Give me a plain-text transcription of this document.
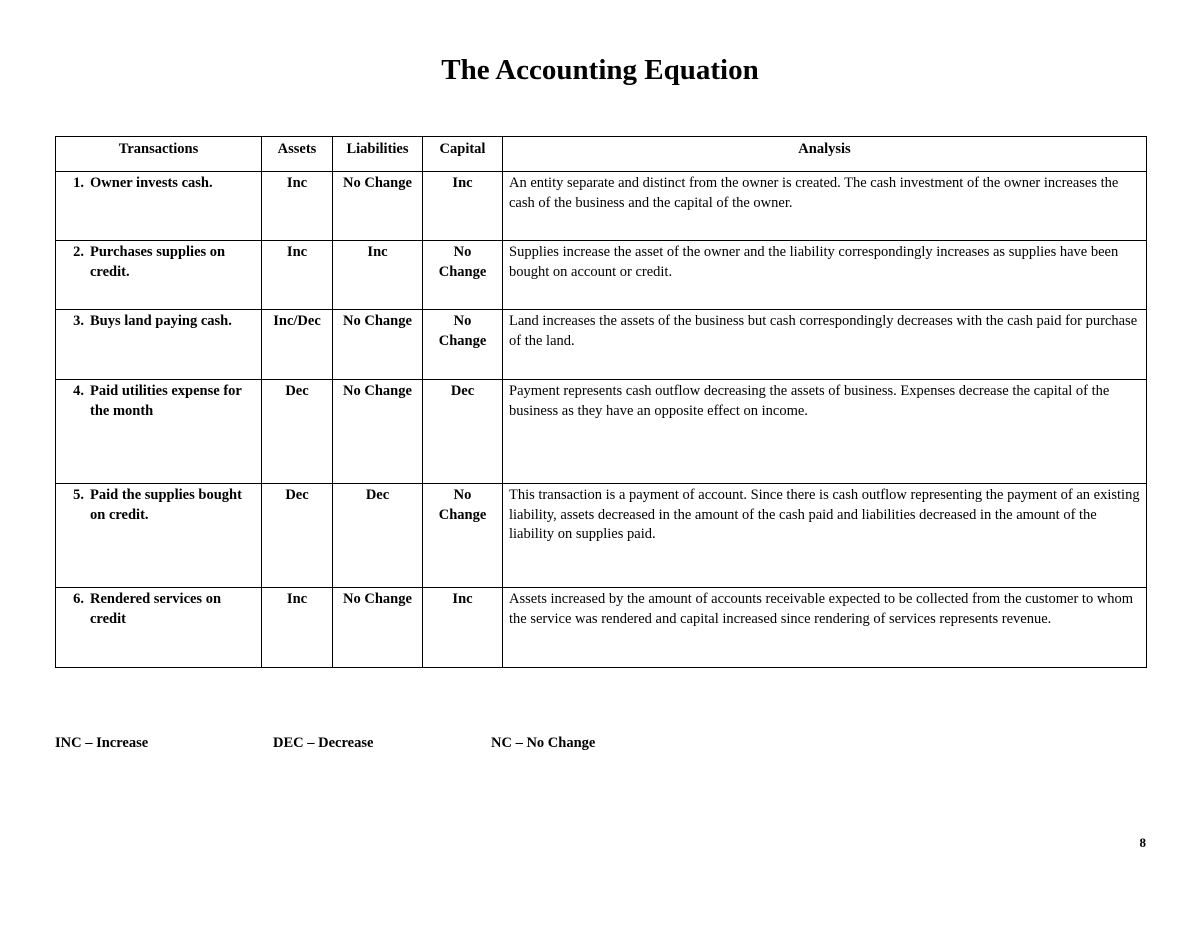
The Accounting Equation
Transactions	Assets	Liabilities	Capital	Analysis

1. Owner invests cash.	Inc	No Change	Inc	An entity separate and distinct from the owner is created. The cash investment of the owner increases the cash of the business and the capital of the owner.

2. Purchases supplies on credit.	Inc	Inc	No Change	Supplies increase the asset of the owner and the liability correspondingly increases as supplies have been bought on account or credit.

3. Buys land paying cash.	Inc/Dec	No Change	No Change	Land increases the assets of the business but cash correspondingly decreases with the cash paid for purchase of the land.

4. Paid utilities expense for the month	Dec	No Change	Dec	Payment represents cash outflow decreasing the assets of business. Expenses decrease the capital of the business as they have an opposite effect on income.

5. Paid the supplies bought on credit.	Dec	Dec	No Change	This transaction is a payment of account. Since there is cash outflow representing the payment of an existing liability, assets decreased in the amount of the cash paid and liabilities decreased in the amount of the liability on supplies paid.

6. Rendered services on credit	Inc	No Change	Inc	Assets increased by the amount of accounts receivable expected to be collected from the customer to whom the service was rendered and capital increased since rendering of services represents revenue.
INC – Increase	DEC – Decrease	NC – No Change
8
